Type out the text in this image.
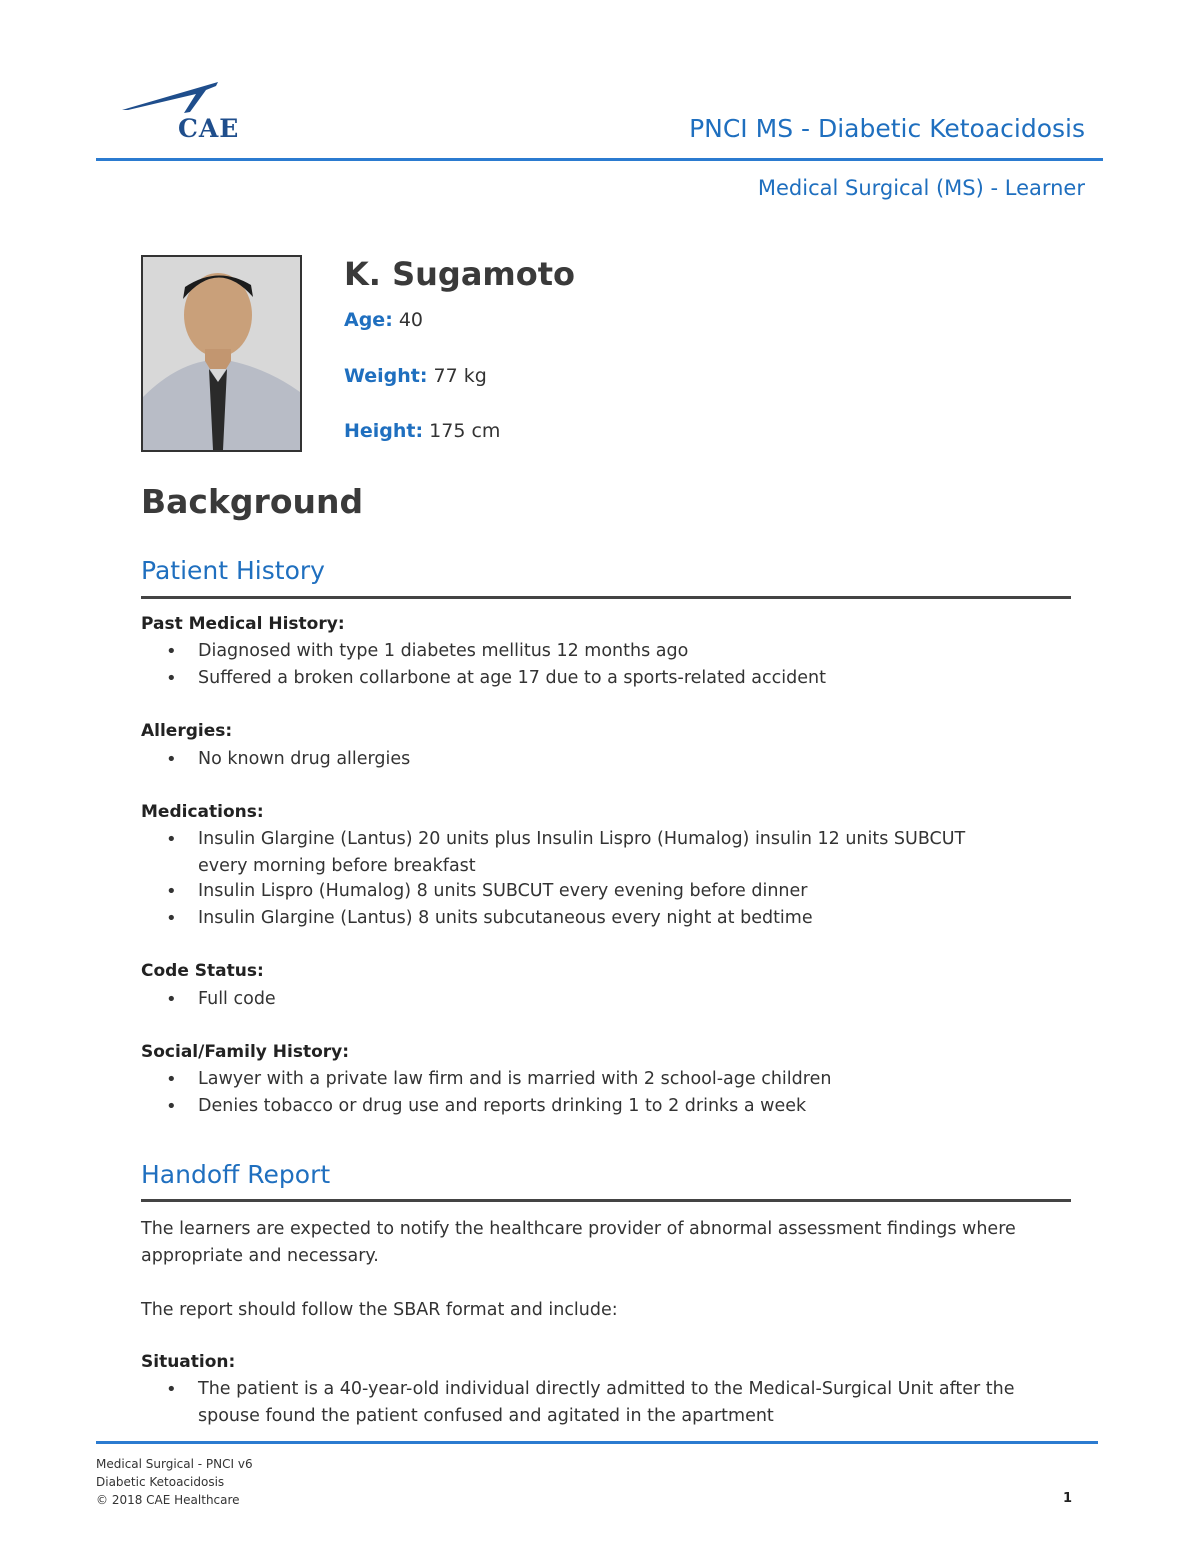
CAE	PNCI MS - Diabetic Ketoacidosis
Medical Surgical (MS) - Learner
K. Sugamoto
Age: 40
Weight: 77 kg
Height: 175 cm
Background
Patient History
Past Medical History:
• Diagnosed with type 1 diabetes mellitus 12 months ago
• Suffered a broken collarbone at age 17 due to a sports-related accident
Allergies:
• No known drug allergies
Medications:
• Insulin Glargine (Lantus) 20 units plus Insulin Lispro (Humalog) insulin 12 units SUBCUT every morning before breakfast
• Insulin Lispro (Humalog) 8 units SUBCUT every evening before dinner
• Insulin Glargine (Lantus) 8 units subcutaneous every night at bedtime
Code Status:
• Full code
Social/Family History:
• Lawyer with a private law firm and is married with 2 school-age children
• Denies tobacco or drug use and reports drinking 1 to 2 drinks a week
Handoff Report
The learners are expected to notify the healthcare provider of abnormal assessment findings where appropriate and necessary.
The report should follow the SBAR format and include:
Situation:
• The patient is a 40-year-old individual directly admitted to the Medical-Surgical Unit after the spouse found the patient confused and agitated in the apartment
Medical Surgical - PNCI v6
Diabetic Ketoacidosis
© 2018 CAE Healthcare	1
